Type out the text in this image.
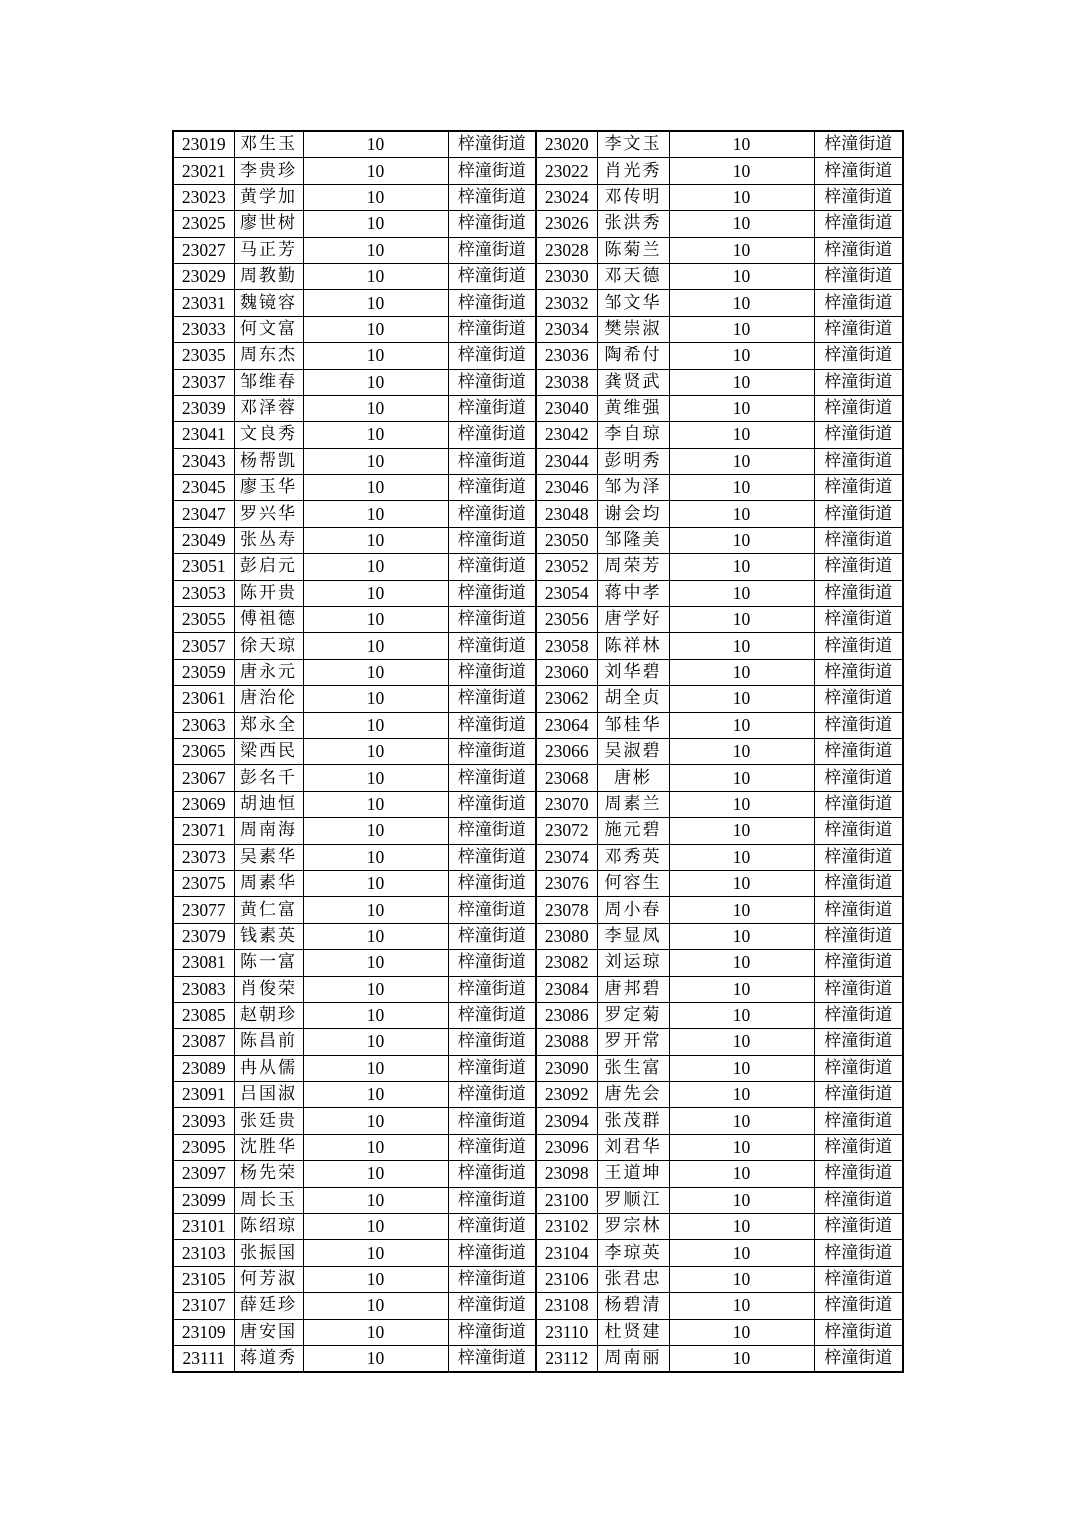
23019	邓生玉	10	梓潼街道	23020	李文玉	10	梓潼街道
23021	李贵珍	10	梓潼街道	23022	肖光秀	10	梓潼街道
23023	黄学加	10	梓潼街道	23024	邓传明	10	梓潼街道
23025	廖世树	10	梓潼街道	23026	张洪秀	10	梓潼街道
23027	马正芳	10	梓潼街道	23028	陈菊兰	10	梓潼街道
23029	周教勤	10	梓潼街道	23030	邓天德	10	梓潼街道
23031	魏镜容	10	梓潼街道	23032	邹文华	10	梓潼街道
23033	何文富	10	梓潼街道	23034	樊崇淑	10	梓潼街道
23035	周东杰	10	梓潼街道	23036	陶希付	10	梓潼街道
23037	邹维春	10	梓潼街道	23038	龚贤武	10	梓潼街道
23039	邓泽蓉	10	梓潼街道	23040	黄维强	10	梓潼街道
23041	文良秀	10	梓潼街道	23042	李自琼	10	梓潼街道
23043	杨帮凯	10	梓潼街道	23044	彭明秀	10	梓潼街道
23045	廖玉华	10	梓潼街道	23046	邹为泽	10	梓潼街道
23047	罗兴华	10	梓潼街道	23048	谢会均	10	梓潼街道
23049	张丛寿	10	梓潼街道	23050	邹隆美	10	梓潼街道
23051	彭启元	10	梓潼街道	23052	周荣芳	10	梓潼街道
23053	陈开贵	10	梓潼街道	23054	蒋中孝	10	梓潼街道
23055	傅祖德	10	梓潼街道	23056	唐学好	10	梓潼街道
23057	徐天琼	10	梓潼街道	23058	陈祥林	10	梓潼街道
23059	唐永元	10	梓潼街道	23060	刘华碧	10	梓潼街道
23061	唐治伦	10	梓潼街道	23062	胡全贞	10	梓潼街道
23063	郑永全	10	梓潼街道	23064	邹桂华	10	梓潼街道
23065	梁西民	10	梓潼街道	23066	吴淑碧	10	梓潼街道
23067	彭名千	10	梓潼街道	23068	唐彬	10	梓潼街道
23069	胡迪恒	10	梓潼街道	23070	周素兰	10	梓潼街道
23071	周南海	10	梓潼街道	23072	施元碧	10	梓潼街道
23073	吴素华	10	梓潼街道	23074	邓秀英	10	梓潼街道
23075	周素华	10	梓潼街道	23076	何容生	10	梓潼街道
23077	黄仁富	10	梓潼街道	23078	周小春	10	梓潼街道
23079	钱素英	10	梓潼街道	23080	李显凤	10	梓潼街道
23081	陈一富	10	梓潼街道	23082	刘运琼	10	梓潼街道
23083	肖俊荣	10	梓潼街道	23084	唐邦碧	10	梓潼街道
23085	赵朝珍	10	梓潼街道	23086	罗定菊	10	梓潼街道
23087	陈昌前	10	梓潼街道	23088	罗开常	10	梓潼街道
23089	冉从儒	10	梓潼街道	23090	张生富	10	梓潼街道
23091	吕国淑	10	梓潼街道	23092	唐先会	10	梓潼街道
23093	张廷贵	10	梓潼街道	23094	张茂群	10	梓潼街道
23095	沈胜华	10	梓潼街道	23096	刘君华	10	梓潼街道
23097	杨先荣	10	梓潼街道	23098	王道坤	10	梓潼街道
23099	周长玉	10	梓潼街道	23100	罗顺江	10	梓潼街道
23101	陈绍琼	10	梓潼街道	23102	罗宗林	10	梓潼街道
23103	张振国	10	梓潼街道	23104	李琼英	10	梓潼街道
23105	何芳淑	10	梓潼街道	23106	张君忠	10	梓潼街道
23107	薛廷珍	10	梓潼街道	23108	杨碧清	10	梓潼街道
23109	唐安国	10	梓潼街道	23110	杜贤建	10	梓潼街道
23111	蒋道秀	10	梓潼街道	23112	周南丽	10	梓潼街道
